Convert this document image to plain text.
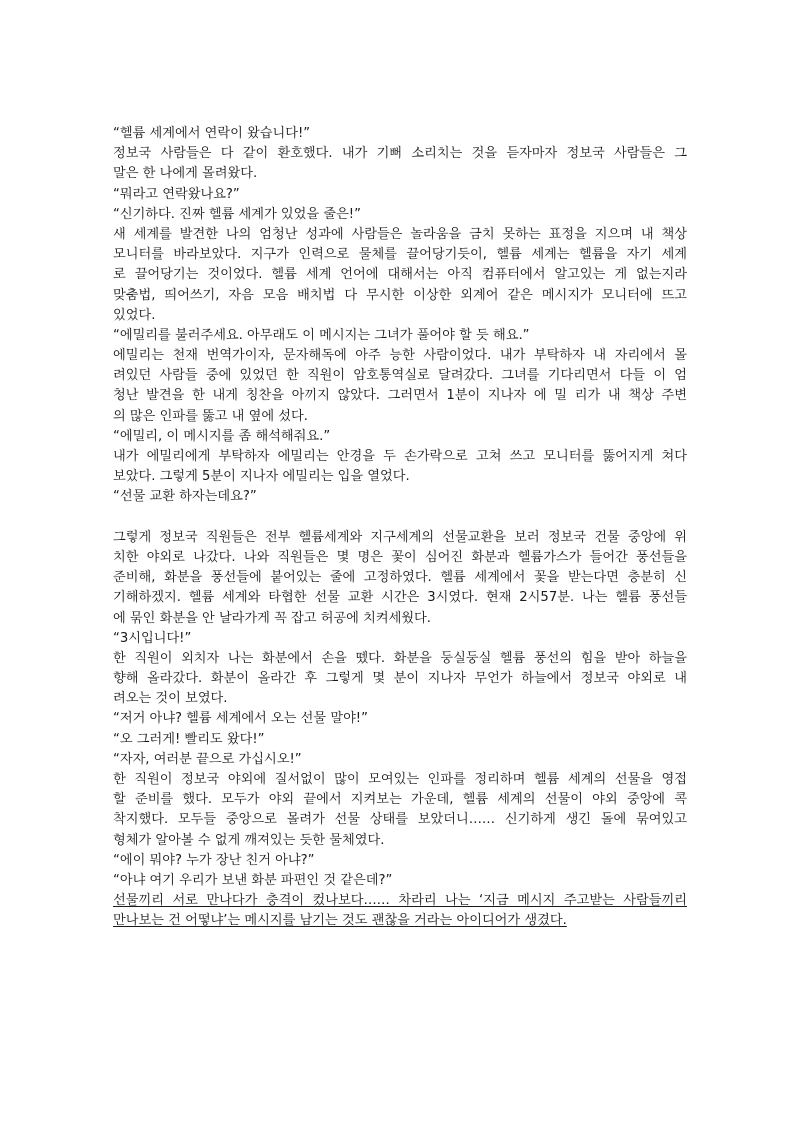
“헬륨 세계에서 연락이 왔습니다!”
정보국 사람들은 다 같이 환호했다. 내가 기뻐 소리치는 것을 듣자마자 정보국 사람들은 그
말은 한 나에게 몰려왔다.
“뭐라고 연락왔나요?”
“신기하다. 진짜 헬륨 세계가 있었을 줄은!”
새 세계를 발견한 나의 엄청난 성과에 사람들은 놀라움을 금치 못하는 표정을 지으며 내 책상
모니터를 바라보았다. 지구가 인력으로 물체를 끌어당기듯이, 헬륨 세계는 헬륨을 자기 세계
로 끌어당기는 것이었다. 헬륨 세계 언어에 대해서는 아직 컴퓨터에서 알고있는 게 없는지라
맞춤법, 띄어쓰기, 자음 모음 배치법 다 무시한 이상한 외계어 같은 메시지가 모니터에 뜨고
있었다.
“에밀리를 불러주세요. 아무래도 이 메시지는 그녀가 풀어야 할 듯 해요.”
에밀리는 천재 번역가이자, 문자해독에 아주 능한 사람이었다. 내가 부탁하자 내 자리에서 몰
려있던 사람들 중에 있었던 한 직원이 암호통역실로 달려갔다. 그녀를 기다리면서 다들 이 엄
청난 발견을 한 내게 칭찬을 아끼지 않았다. 그러면서 1분이 지나자 에 밀 리가 내 책상 주변
의 많은 인파를 뚫고 내 옆에 섰다.
“에밀리, 이 메시지를 좀 해석해줘요.”
내가 에밀리에게 부탁하자 에밀리는 안경을 두 손가락으로 고쳐 쓰고 모니터를 뚫어지게 쳐다
보았다. 그렇게 5분이 지나자 에밀리는 입을 열었다.
“선물 교환 하자는데요?”
그렇게 정보국 직원들은 전부 헬륨세계와 지구세계의 선물교환을 보러 정보국 건물 중앙에 위
치한 야외로 나갔다. 나와 직원들은 몇 명은 꽃이 심어진 화분과 헬륨가스가 들어간 풍선들을
준비해, 화분을 풍선들에 붙어있는 줄에 고정하였다. 헬륨 세계에서 꽃을 받는다면 충분히 신
기해하겠지. 헬륨 세계와 타협한 선물 교환 시간은 3시였다. 현재 2시57분. 나는 헬륨 풍선들
에 묶인 화분을 안 날라가게 꼭 잡고 허공에 치켜세웠다.
“3시입니다!”
한 직원이 외치자 나는 화분에서 손을 뗐다. 화분을 둥실둥실 헬륨 풍선의 힘을 받아 하늘을
향해 올라갔다. 화분이 올라간 후 그렇게 몇 분이 지나자 무언가 하늘에서 정보국 야외로 내
려오는 것이 보였다.
“저거 아냐? 헬륨 세계에서 오는 선물 말야!”
“오 그러게! 빨리도 왔다!”
“자자, 여러분 끝으로 가십시오!”
한 직원이 정보국 야외에 질서없이 많이 모여있는 인파를 정리하며 헬륨 세계의 선물을 영접
할 준비를 했다. 모두가 야외 끝에서 지켜보는 가운데, 헬륨 세계의 선물이 야외 중앙에 콕
착지했다. 모두들 중앙으로 몰려가 선물 상태를 보았더니…… 신기하게 생긴 돌에 묶여있고
형체가 알아볼 수 없게 깨져있는 듯한 물체였다.
“에이 뭐야? 누가 장난 친거 아냐?”
“아냐 여기 우리가 보낸 화분 파편인 것 같은데?”
선물끼리 서로 만나다가 충격이 컸나보다…… 차라리 나는 ‘지금 메시지 주고받는 사람들끼리
만나보는 건 어떻냐’는 메시지를 남기는 것도 괜찮을 거라는 아이디어가 생겼다.
